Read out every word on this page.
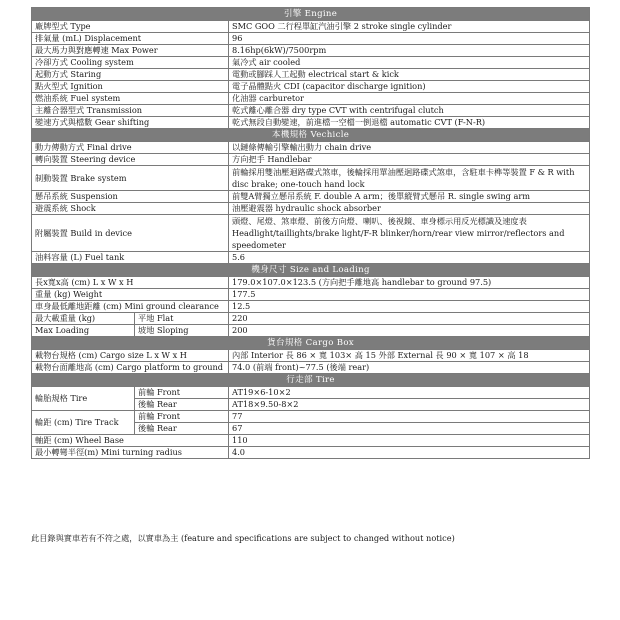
引擎 Engine		
廠牌型式 Type		SMC GOO 二行程單缸汽油引擎 2 stroke single cylinder
排氣量 (mL) Displacement		96
最大馬力與對應轉速 Max Power		8.16hp(6kW)/7500rpm
冷卻方式 Cooling system		氣冷式 air cooled
起動方式 Staring		電動或腳踩人工起動 electrical start & kick
點火型式 Ignition		電子晶體點火 CDI (capacitor discharge ignition)
燃油系統 Fuel system		化油器 carburetor
主離合器型式 Transmission		乾式離心離合器 dry type CVT with centrifugal clutch
變速方式與檔數 Gear shifting		乾式無段自動變速，前進檔一空檔一倒退檔 automatic CVT (F-N-R)
本機規格 Vechicle		
動力傳動方式 Final drive		以鏈條傳輸引擎輸出動力 chain drive
轉向裝置 Steering device		方向把手 Handlebar
制動裝置 Brake system		前輪採用雙油壓迴路碟式煞車，後輪採用單油壓迴路碟式煞車，含駐車卡榫等裝置 F & R with disc brake; one-touch hand lock
懸吊系統 Suspension		前雙A臂獨立懸吊系統 F. double A arm；後單縱臂式懸吊 R. single swing arm
避震系統 Shock		油壓避震器 hydraulic shock absorber
附屬裝置 Build in device		頭燈、尾燈、煞車燈、前後方向燈、喇叭、後視鏡、車身標示用反光標識及速度表 Headlight/taillights/brake light/F-R blinker/horn/rear view mirror/reflectors and speedometer
油料容量 (L) Fuel tank		5.6
機身尺寸 Size and Loading		
長x寬x高 (cm) L x W x H		179.0×107.0×123.5 (方向把手離地高 handlebar to ground 97.5)
重量 (kg) Weight		177.5
車身最低離地距離 (cm) Mini ground clearance		12.5
最大載重量 (kg)	平地 Flat	220
Max Loading	坡地 Sloping	200
貨台規格 Cargo Box		
載物台規格 (cm) Cargo size L x W x H		內部 Interior 長 86 × 寬 103× 高 15 外部 External 長 90 × 寬 107 × 高 18
載物台面離地高 (cm) Cargo platform to ground		74.0 (前端 front)~77.5 (後端 rear)
行走部 Tire		
輪胎規格 Tire	前輪 Front	AT19×6-10×2
	後輪 Rear	AT18×9.50-8×2
輪距 (cm) Tire Track	前輪 Front	77
	後輪 Rear	67
軸距 (cm) Wheel Base		110
最小轉彎半徑(m) Mini turning radius		4.0
此目錄與實車若有不符之處，以實車為主 (feature and specifications are subject to changed without notice)
